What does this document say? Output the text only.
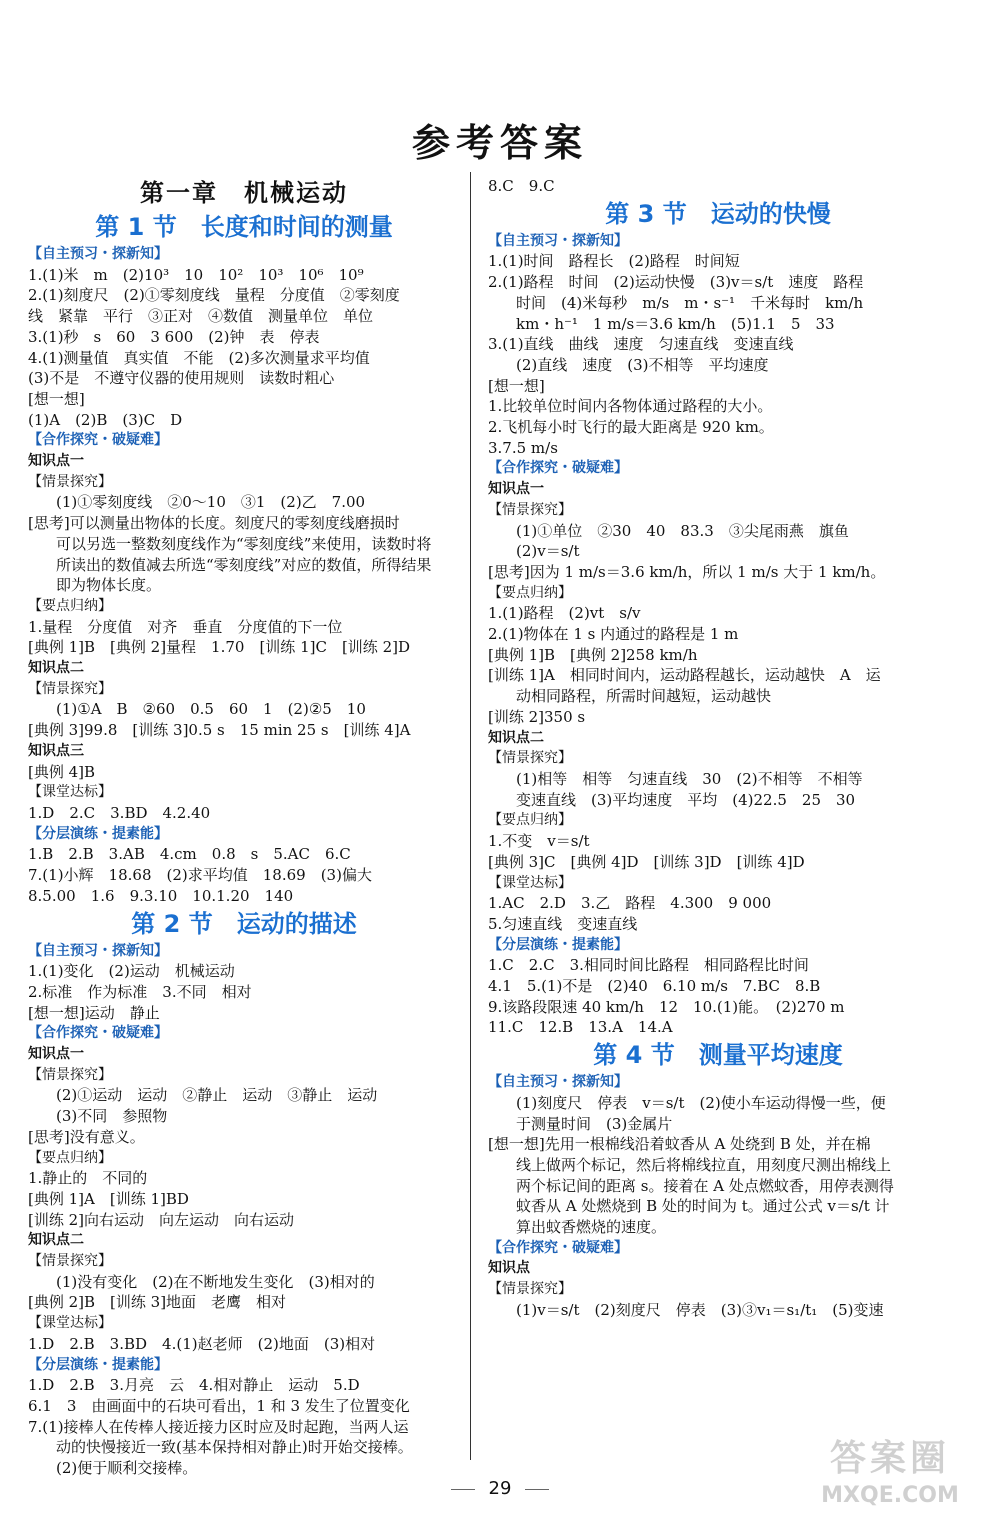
参考答案
第一章　机械运动
第 1 节　长度和时间的测量
【自主预习・探新知】
1.(1)米　m　(2)10³　10　10²　10³　10⁶　10⁹
2.(1)刻度尺　(2)①零刻度线　量程　分度值　②零刻度
线　紧靠　平行　③正对　④数值　测量单位　单位
3.(1)秒　s　60　3 600　(2)钟　表　停表
4.(1)测量值　真实值　不能　(2)多次测量求平均值
(3)不是　不遵守仪器的使用规则　读数时粗心
[想一想]
(1)A　(2)B　(3)C　D
【合作探究・破疑难】
知识点一
【情景探究】
(1)①零刻度线　②0～10　③1　(2)乙　7.00
[思考]可以测量出物体的长度。刻度尺的零刻度线磨损时
可以另选一整数刻度线作为“零刻度线”来使用，读数时将
所读出的数值减去所选“零刻度线”对应的数值，所得结果
即为物体长度。
【要点归纳】
1.量程　分度值　对齐　垂直　分度值的下一位
[典例 1]B　[典例 2]量程　1.70　[训练 1]C　[训练 2]D
知识点二
【情景探究】
(1)①A　B　②60　0.5　60　1　(2)②5　10
[典例 3]99.8　[训练 3]0.5 s　15 min 25 s　[训练 4]A
知识点三
[典例 4]B
【课堂达标】
1.D　2.C　3.BD　4.2.40
【分层演练・提素能】
1.B　2.B　3.AB　4.cm　0.8　s　5.AC　6.C
7.(1)小辉　18.68　(2)求平均值　18.69　(3)偏大
8.5.00　1.6　9.3.10　10.1.20　140
第 2 节　运动的描述
【自主预习・探新知】
1.(1)变化　(2)运动　机械运动
2.标准　作为标准　3.不同　相对
[想一想]运动　静止
【合作探究・破疑难】
知识点一
【情景探究】
(2)①运动　运动　②静止　运动　③静止　运动
(3)不同　参照物
[思考]没有意义。
【要点归纳】
1.静止的　不同的
[典例 1]A　[训练 1]BD
[训练 2]向右运动　向左运动　向右运动
知识点二
【情景探究】
(1)没有变化　(2)在不断地发生变化　(3)相对的
[典例 2]B　[训练 3]地面　老鹰　相对
【课堂达标】
1.D　2.B　3.BD　4.(1)赵老师　(2)地面　(3)相对
【分层演练・提素能】
1.D　2.B　3.月亮　云　4.相对静止　运动　5.D
6.1　3　由画面中的石块可看出，1 和 3 发生了位置变化
7.(1)接棒人在传棒人接近接力区时应及时起跑，当两人运
动的快慢接近一致(基本保持相对静止)时开始交接棒。
(2)便于顺利交接棒。
8.C　9.C
第 3 节　运动的快慢
【自主预习・探新知】
1.(1)时间　路程长　(2)路程　时间短
2.(1)路程　时间　(2)运动快慢　(3)v＝s/t　速度　路程
时间　(4)米每秒　m/s　m・s⁻¹　千米每时　km/h
km・h⁻¹　1 m/s＝3.6 km/h　(5)1.1　5　33
3.(1)直线　曲线　速度　匀速直线　变速直线
(2)直线　速度　(3)不相等　平均速度
[想一想]
1.比较单位时间内各物体通过路程的大小。
2.飞机每小时飞行的最大距离是 920 km。
3.7.5 m/s
【合作探究・破疑难】
知识点一
【情景探究】
(1)①单位　②30　40　83.3　③尖尾雨燕　旗鱼
(2)v＝s/t
[思考]因为 1 m/s＝3.6 km/h，所以 1 m/s 大于 1 km/h。
【要点归纳】
1.(1)路程　(2)vt　s/v
2.(1)物体在 1 s 内通过的路程是 1 m
[典例 1]B　[典例 2]258 km/h
[训练 1]A　相同时间内，运动路程越长，运动越快　A　运
动相同路程，所需时间越短，运动越快
[训练 2]350 s
知识点二
【情景探究】
(1)相等　相等　匀速直线　30　(2)不相等　不相等
变速直线　(3)平均速度　平均　(4)22.5　25　30
【要点归纳】
1.不变　v＝s/t
[典例 3]C　[典例 4]D　[训练 3]D　[训练 4]D
【课堂达标】
1.AC　2.D　3.乙　路程　4.300　9 000
5.匀速直线　变速直线
【分层演练・提素能】
1.C　2.C　3.相同时间比路程　相同路程比时间
4.1　5.(1)不是　(2)40　6.10 m/s　7.BC　8.B
9.该路段限速 40 km/h　12　10.(1)能。　(2)270 m
11.C　12.B　13.A　14.A
第 4 节　测量平均速度
【自主预习・探新知】
(1)刻度尺　停表　v＝s/t　(2)使小车运动得慢一些，便
于测量时间　(3)金属片
[想一想]先用一根棉线沿着蚊香从 A 处绕到 B 处，并在棉
线上做两个标记，然后将棉线拉直，用刻度尺测出棉线上
两个标记间的距离 s。接着在 A 处点燃蚊香，用停表测得
蚊香从 A 处燃烧到 B 处的时间为 t。通过公式 v＝s/t 计
算出蚊香燃烧的速度。
【合作探究・破疑难】
知识点
【情景探究】
(1)v＝s/t　(2)刻度尺　停表　(3)③v₁＝s₁/t₁　(5)变速
29
答案圈
MXQE.COM
